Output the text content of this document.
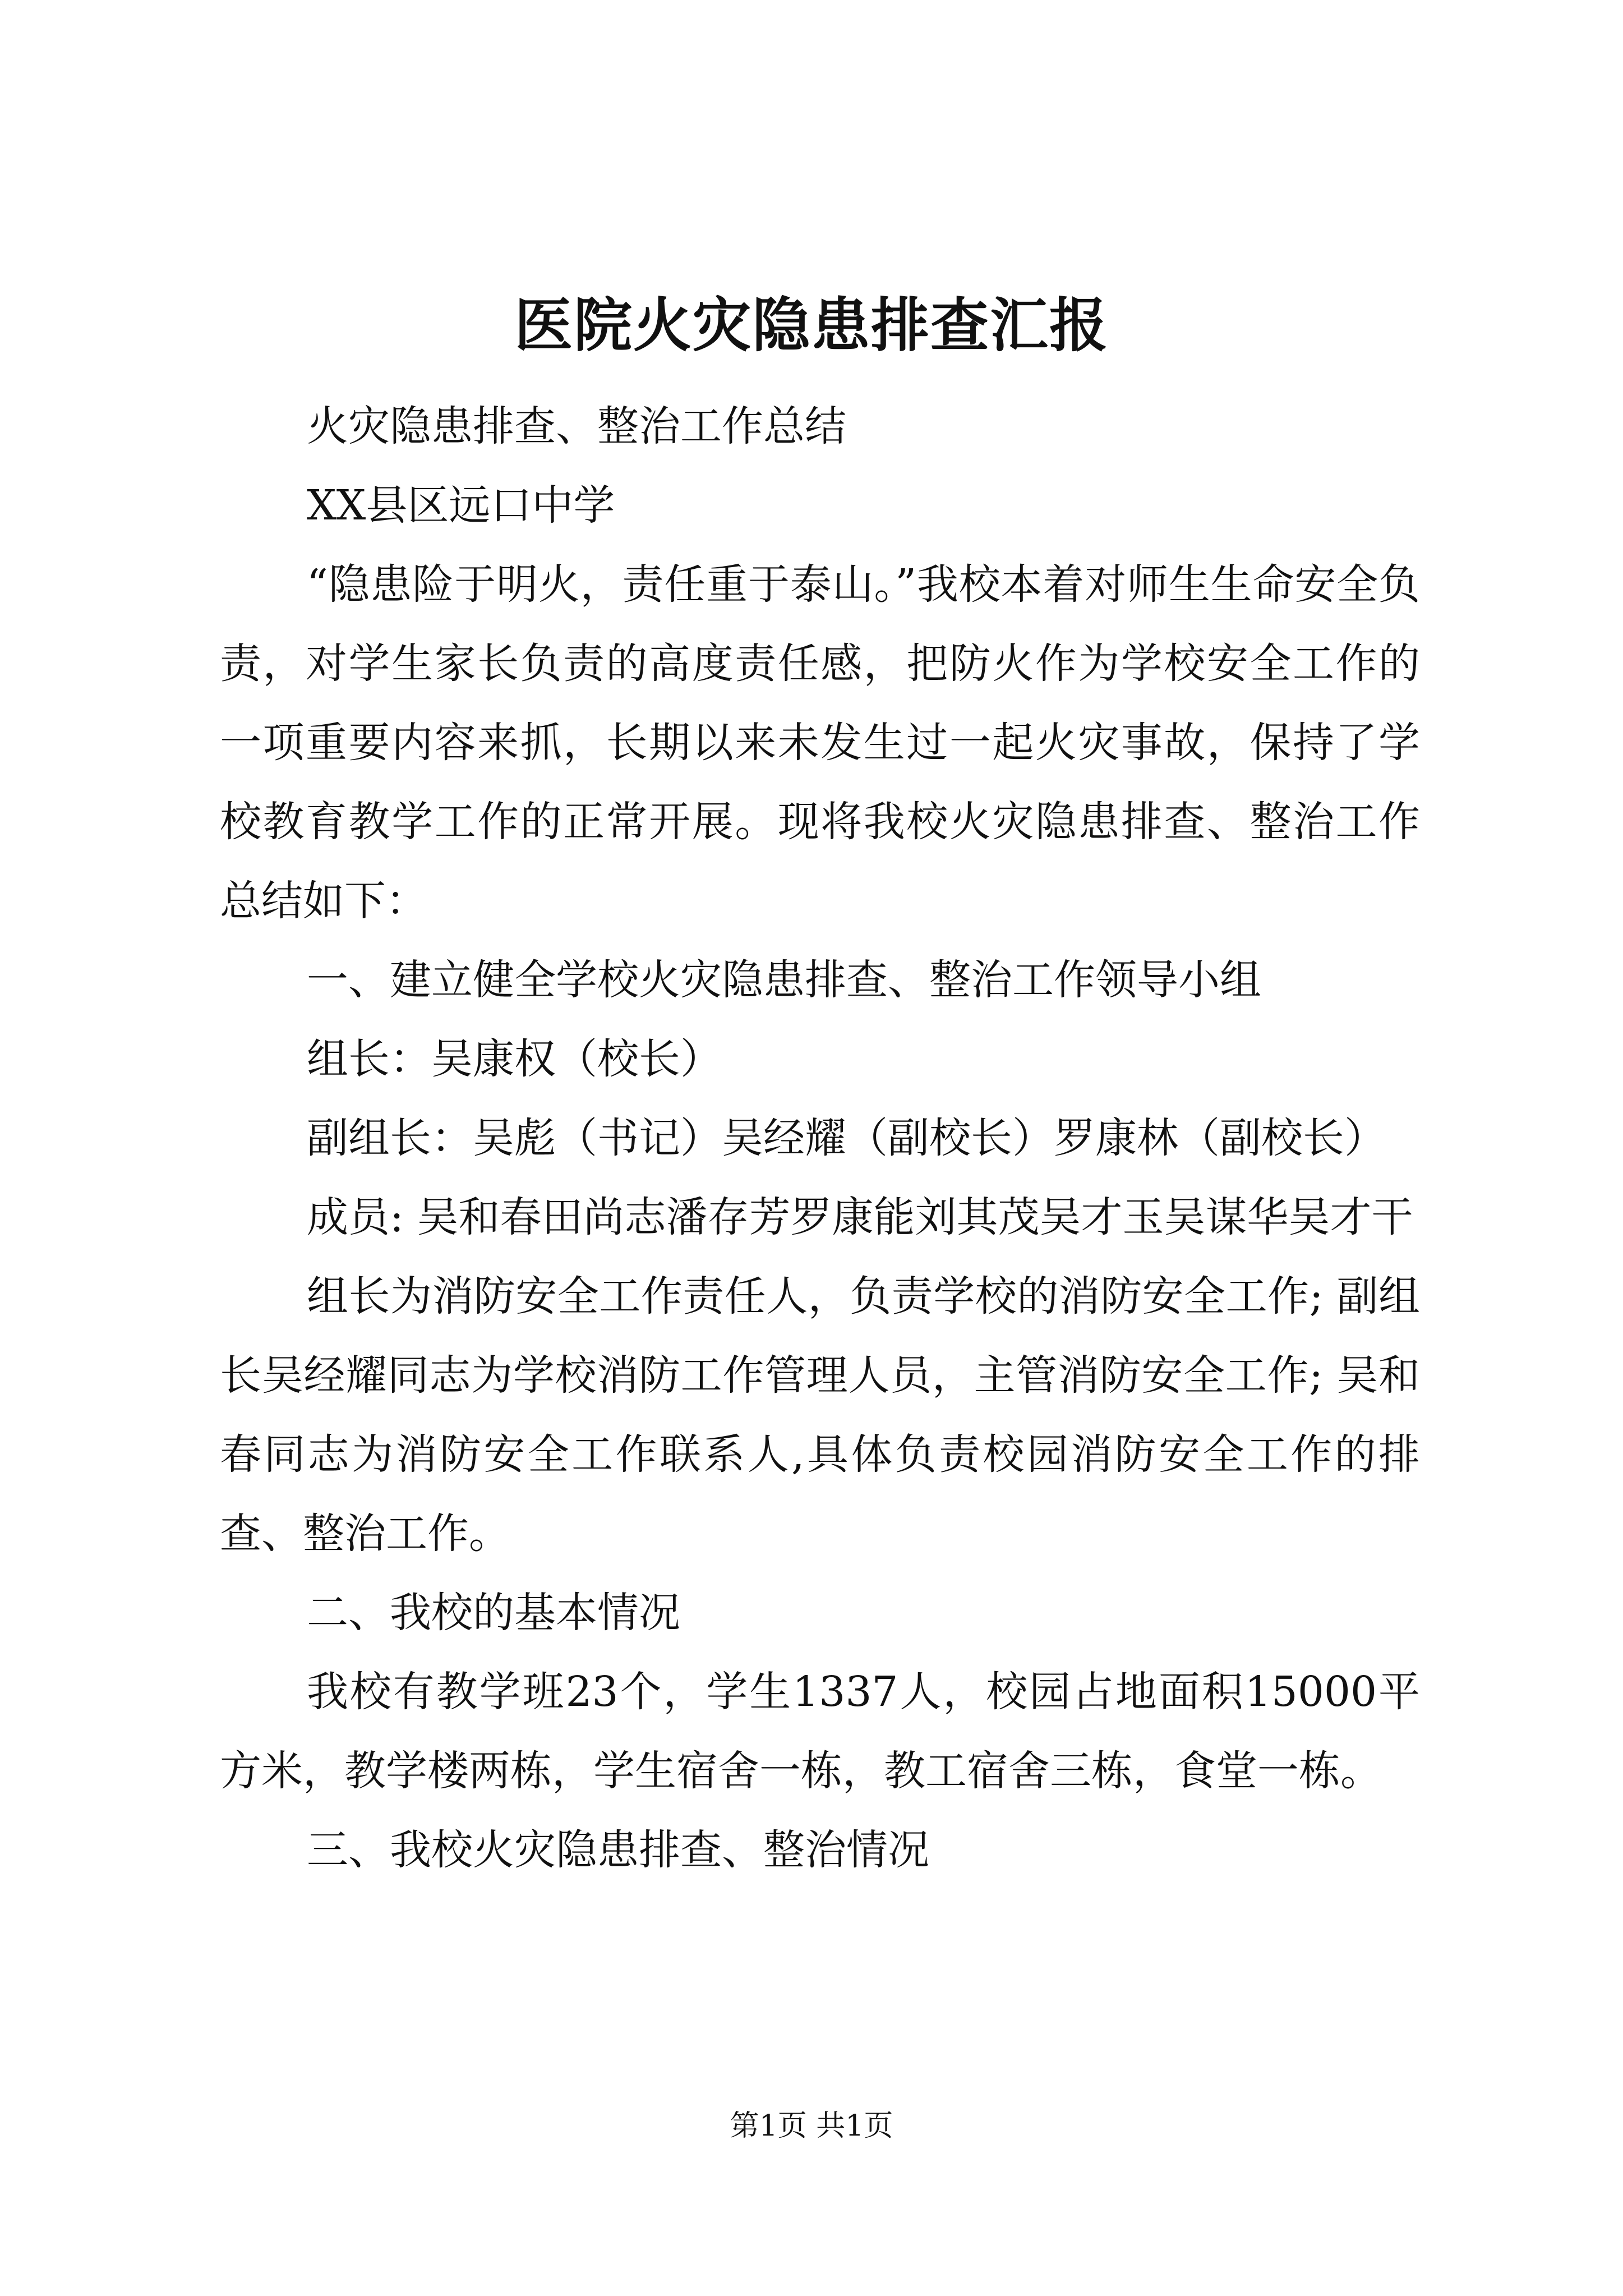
医院火灾隐患排查汇报

火灾隐患排查、整治工作总结

XX县区远口中学

“隐患险于明火，责任重于泰山。”我校本着对师生生命安全负责，对学生家长负责的高度责任感，把防火作为学校安全工作的一项重要内容来抓，长期以来未发生过一起火灾事故，保持了学校教育教学工作的正常开展。现将我校火灾隐患排查、整治工作总结如下：

一、建立健全学校火灾隐患排查、整治工作领导小组

组长：吴康权（校长）

副组长：吴彪（书记）吴经耀（副校长）罗康林（副校长）

成员: 吴和春田尚志潘存芳罗康能刘其茂吴才玉吴谋华吴才干

组长为消防安全工作责任人，负责学校的消防安全工作; 副组长吴经耀同志为学校消防工作管理人员，主管消防安全工作; 吴和春同志为消防安全工作联系人,具体负责校园消防安全工作的排查、整治工作。

二、我校的基本情况

我校有教学班23个，学生1337人，校园占地面积15000平方米，教学楼两栋，学生宿舍一栋，教工宿舍三栋，食堂一栋。

三、我校火灾隐患排查、整治情况

第1页 共1页
